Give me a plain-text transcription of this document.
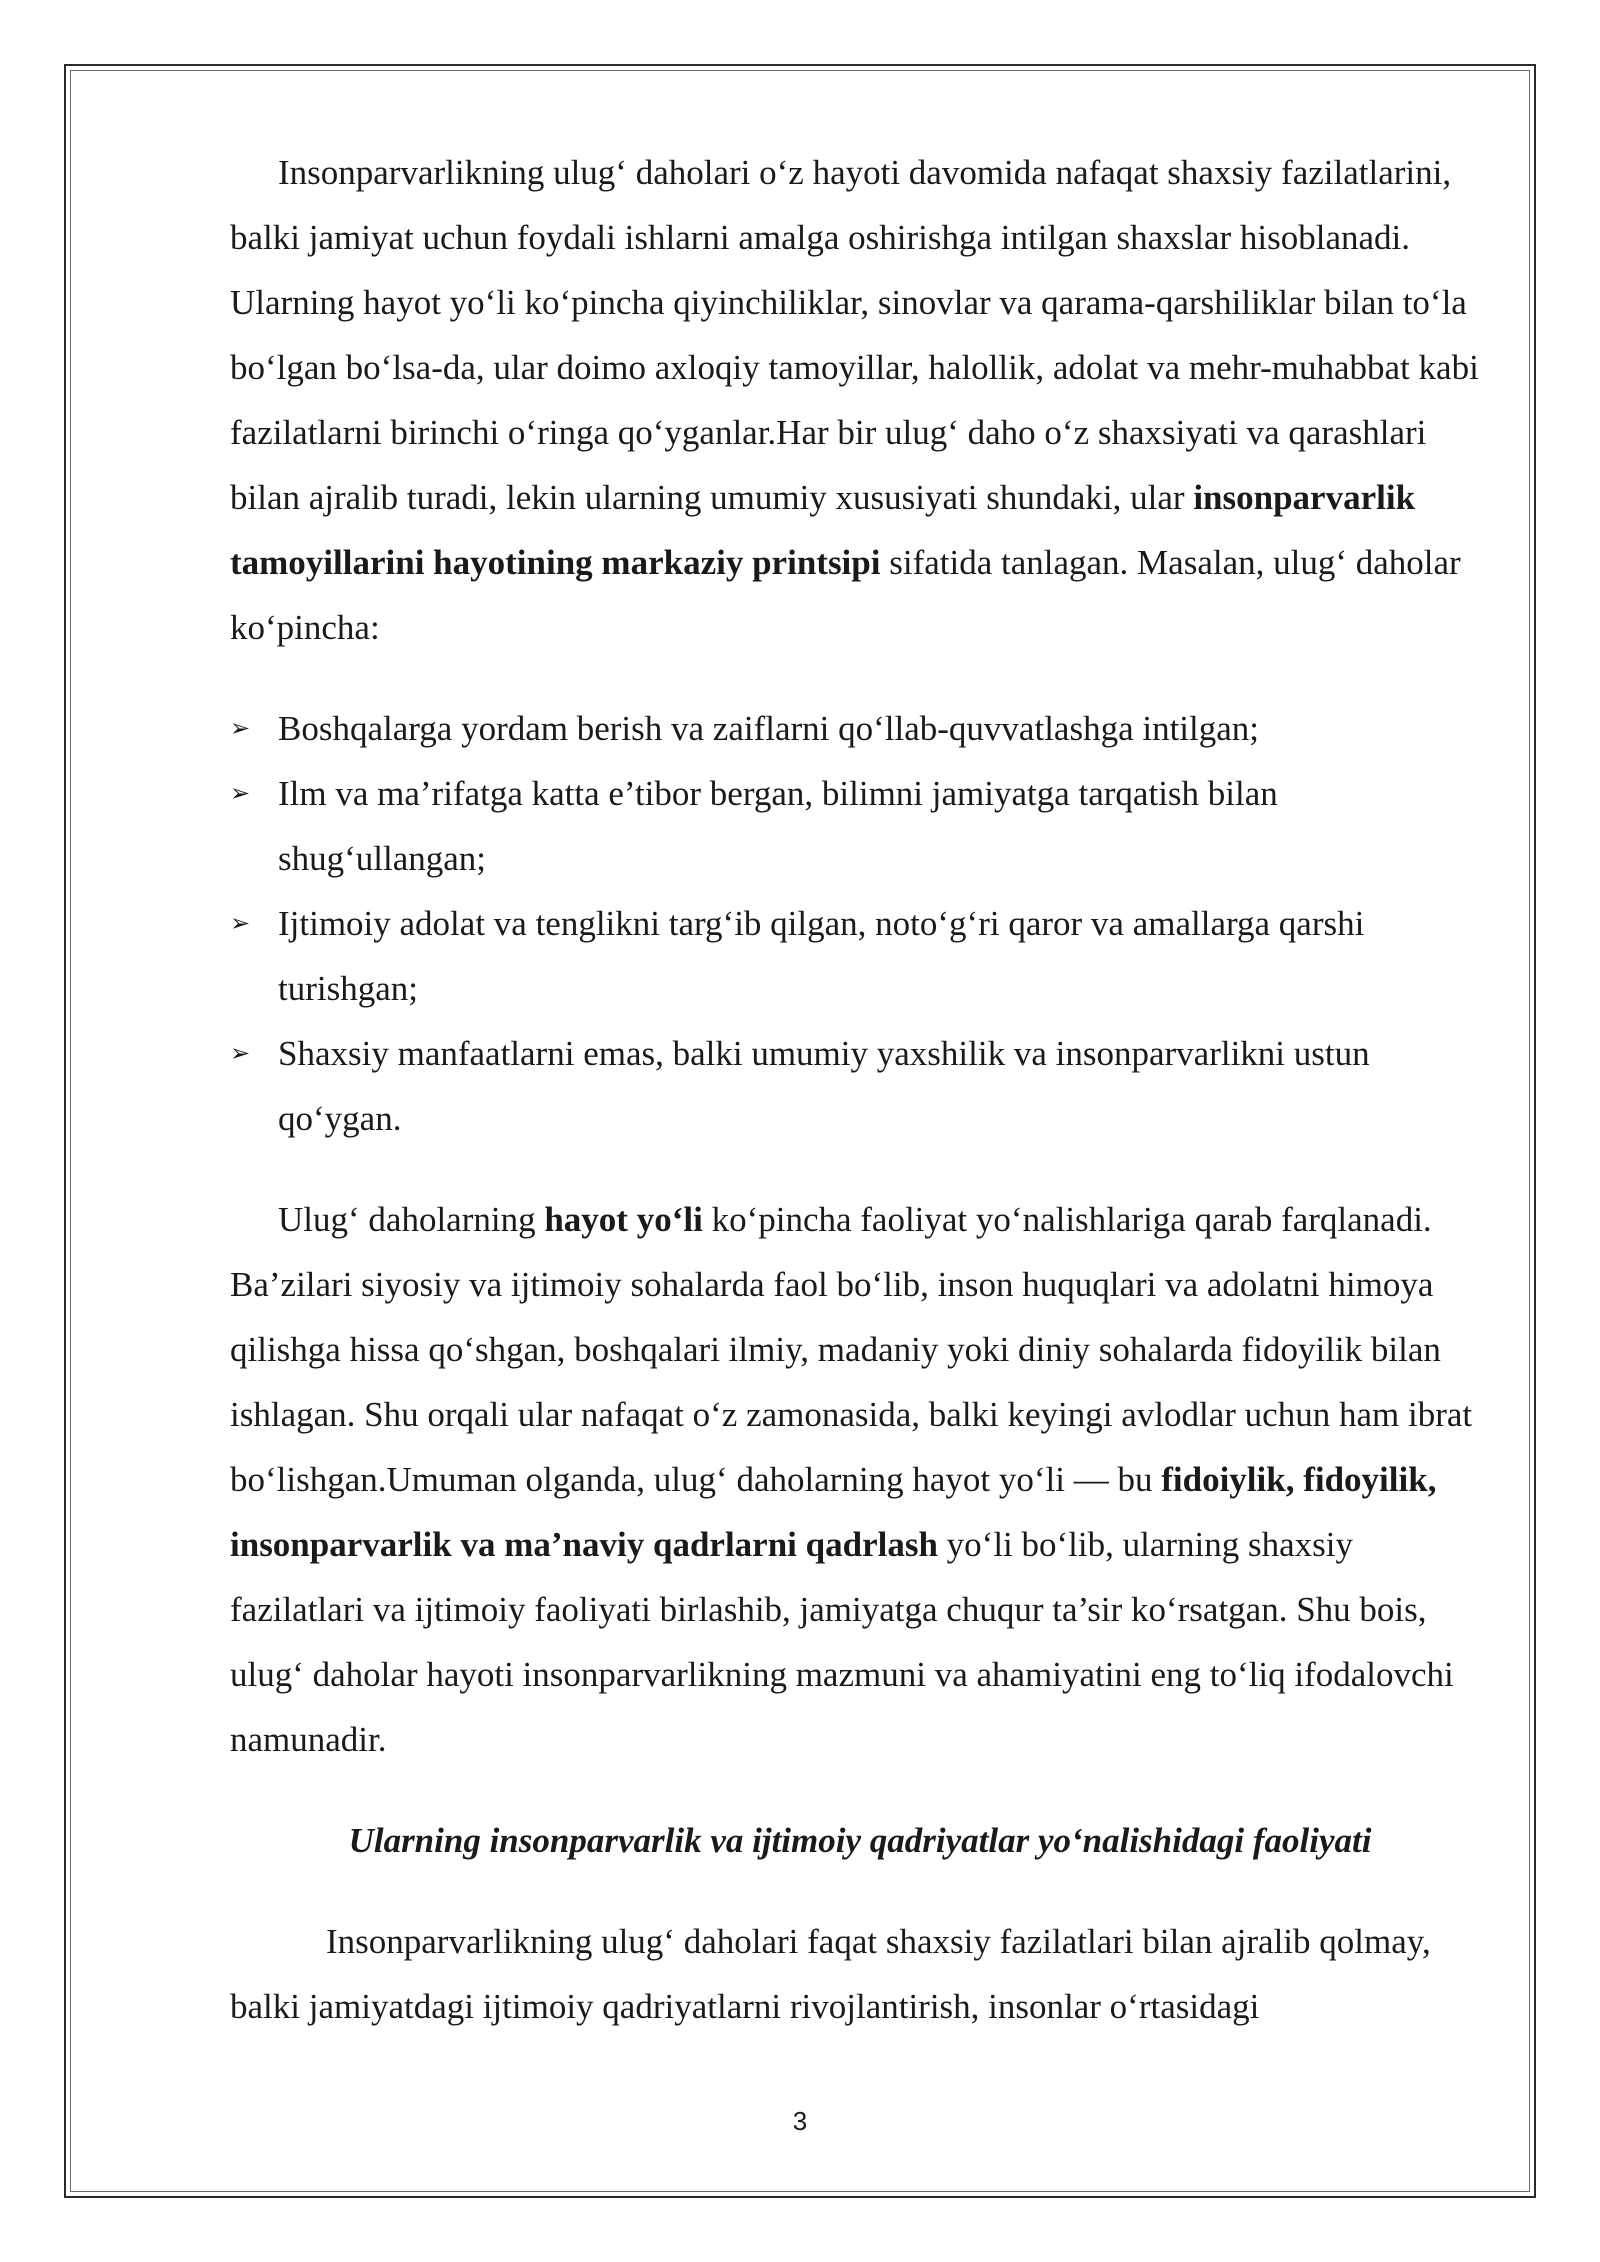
Insonparvarlikning ulug‘ daholari o‘z hayoti davomida nafaqat shaxsiy fazilatlarini, balki jamiyat uchun foydali ishlarni amalga oshirishga intilgan shaxslar hisoblanadi. Ularning hayot yo‘li ko‘pincha qiyinchiliklar, sinovlar va qarama-qarshiliklar bilan to‘la bo‘lgan bo‘lsa-da, ular doimo axloqiy tamoyillar, halollik, adolat va mehr-muhabbat kabi fazilatlarni birinchi o‘ringa qo‘yganlar.Har bir ulug‘ daho o‘z shaxsiyati va qarashlari bilan ajralib turadi, lekin ularning umumiy xususiyati shundaki, ular insonparvarlik tamoyillarini hayotining markaziy printsipi sifatida tanlagan. Masalan, ulug‘ daholar ko‘pincha:

➢ Boshqalarga yordam berish va zaiflarni qo‘llab-quvvatlashga intilgan;
➢ Ilm va ma’rifatga katta e’tibor bergan, bilimni jamiyatga tarqatish bilan shug‘ullangan;
➢ Ijtimoiy adolat va tenglikni targ‘ib qilgan, noto‘g‘ri qaror va amallarga qarshi turishgan;
➢ Shaxsiy manfaatlarni emas, balki umumiy yaxshilik va insonparvarlikni ustun qo‘ygan.

Ulug‘ daholarning hayot yo‘li ko‘pincha faoliyat yo‘nalishlariga qarab farqlanadi. Ba’zilari siyosiy va ijtimoiy sohalarda faol bo‘lib, inson huquqlari va adolatni himoya qilishga hissa qo‘shgan, boshqalari ilmiy, madaniy yoki diniy sohalarda fidoyilik bilan ishlagan. Shu orqali ular nafaqat o‘z zamonasida, balki keyingi avlodlar uchun ham ibrat bo‘lishgan.Umuman olganda, ulug‘ daholarning hayot yo‘li — bu fidoiylik, fidoyilik, insonparvarlik va ma’naviy qadrlarni qadrlash yo‘li bo‘lib, ularning shaxsiy fazilatlari va ijtimoiy faoliyati birlashib, jamiyatga chuqur ta’sir ko‘rsatgan. Shu bois, ulug‘ daholar hayoti insonparvarlikning mazmuni va ahamiyatini eng to‘liq ifodalovchi namunadir.

Ularning insonparvarlik va ijtimoiy qadriyatlar yo‘nalishidagi faoliyati

Insonparvarlikning ulug‘ daholari faqat shaxsiy fazilatlari bilan ajralib qolmay, balki jamiyatdagi ijtimoiy qadriyatlarni rivojlantirish, insonlar o‘rtasidagi

3
